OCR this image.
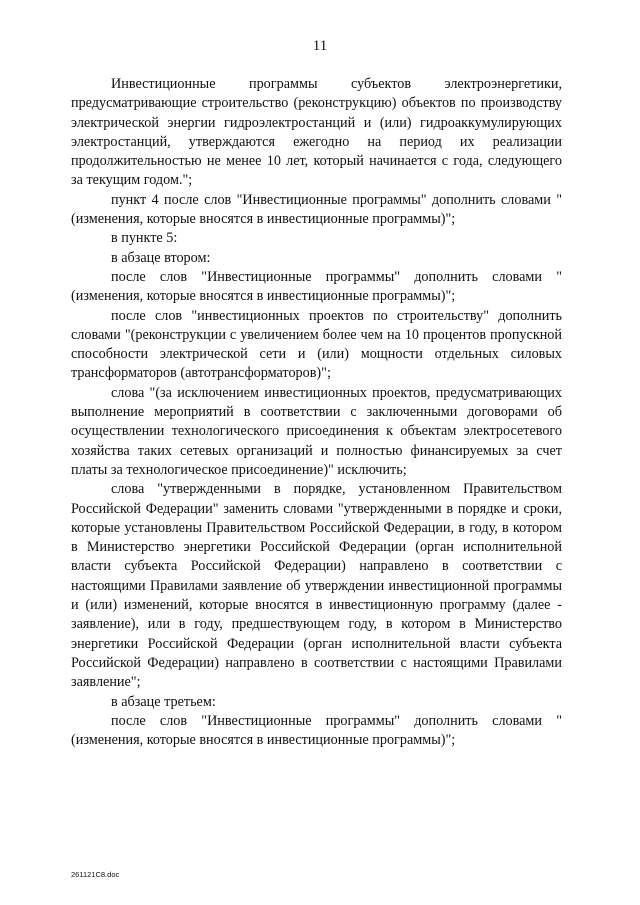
11

Инвестиционные программы субъектов электроэнергетики, предусматривающие строительство (реконструкцию) объектов по производству электрической энергии гидроэлектростанций и (или) гидроаккумулирующих электростанций, утверждаются ежегодно на период их реализации продолжительностью не менее 10 лет, который начинается с года, следующего за текущим годом.";

пункт 4 после слов "Инвестиционные программы" дополнить словами "(изменения, которые вносятся в инвестиционные программы)";

в пункте 5:

в абзаце втором:

после слов "Инвестиционные программы" дополнить словами "(изменения, которые вносятся в инвестиционные программы)";

после слов "инвестиционных проектов по строительству" дополнить словами "(реконструкции с увеличением более чем на 10 процентов пропускной способности электрической сети и (или) мощности отдельных силовых трансформаторов (автотрансформаторов)";

слова "(за исключением инвестиционных проектов, предусматривающих выполнение мероприятий в соответствии с заключенными договорами об осуществлении технологического присоединения к объектам электросетевого хозяйства таких сетевых организаций и полностью финансируемых за счет платы за технологическое присоединение)" исключить;

слова "утвержденными в порядке, установленном Правительством Российской Федерации" заменить словами "утвержденными в порядке и сроки, которые установлены Правительством Российской Федерации, в году, в котором в Министерство энергетики Российской Федерации (орган исполнительной власти субъекта Российской Федерации) направлено в соответствии с настоящими Правилами заявление об утверждении инвестиционной программы и (или) изменений, которые вносятся в инвестиционную программу (далее - заявление), или в году, предшествующем году, в котором в Министерство энергетики Российской Федерации (орган исполнительной власти субъекта Российской Федерации) направлено в соответствии с настоящими Правилами заявление";

в абзаце третьем:

после слов "Инвестиционные программы" дополнить словами "(изменения, которые вносятся в инвестиционные программы)";

261121C8.doc
